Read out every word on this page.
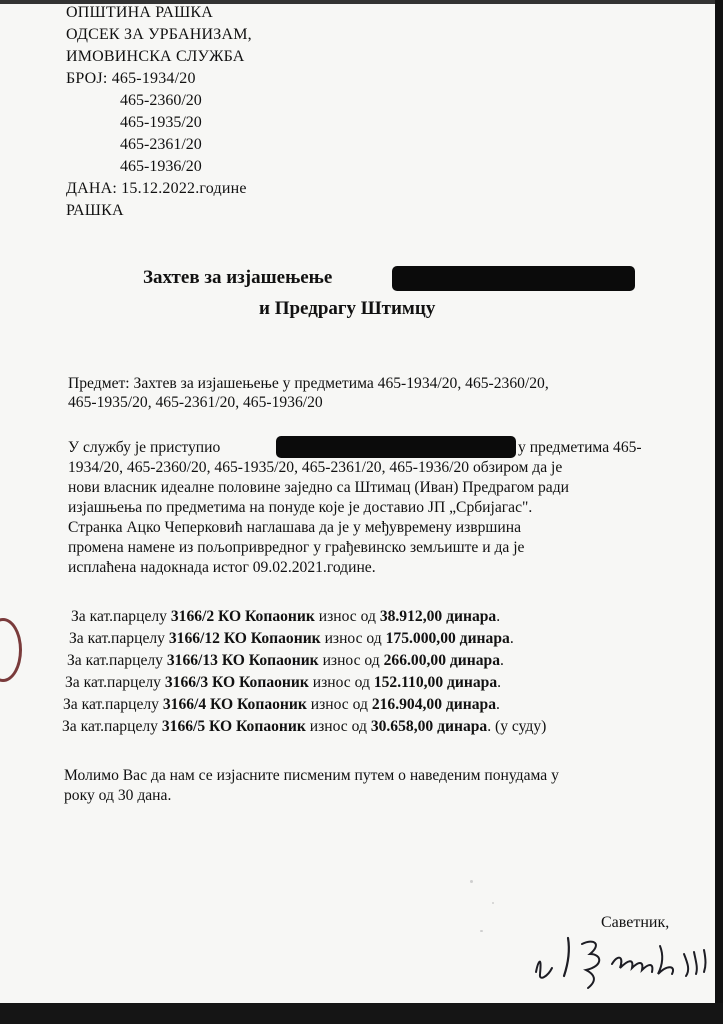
ОПШТИНА РАШКА
ОДСЕК ЗА УРБАНИЗАМ,
ИМОВИНСКА СЛУЖБА
БРОЈ: 465-1934/20
465-2360/20
465-1935/20
465-2361/20
465-1936/20
ДАНА: 15.12.2022.године
РАШКА
Захтев за изјашењење
и Предрагу Штимцу
Предмет: Захтев за изјашењење у предметима 465-1934/20, 465-2360/20,
465-1935/20, 465-2361/20, 465-1936/20
У службу је приступио	у предметима 465-
1934/20, 465-2360/20, 465-1935/20, 465-2361/20, 465-1936/20 обзиром да је
нови власник идеалне половине заједно са Штимац (Иван) Предрагом ради
изјашњења по предметима на понуде које је доставио ЈП „Србијагас".
Странка Ацко Чеперковић наглашава да је у међувремену извршина
промена намене из пољопривредног у грађевинско земљиште и да је
исплаћена надокнада истог 09.02.2021.године.
За кат.парцелу 3166/2 КО Копаоник износ од 38.912,00 динара.
За кат.парцелу 3166/12 КО Копаоник износ од 175.000,00 динара.
За кат.парцелу 3166/13 КО Копаоник износ од 266.00,00 динара.
За кат.парцелу 3166/3 КО Копаоник износ од 152.110,00 динара.
За кат.парцелу 3166/4 КО Копаоник износ од 216.904,00 динара.
За кат.парцелу 3166/5 КО Копаоник износ од 30.658,00 динара. (у суду)
Молимо Вас да нам се изјасните писменим путем о наведеним понудама у
року од 30 дана.
Саветник,
